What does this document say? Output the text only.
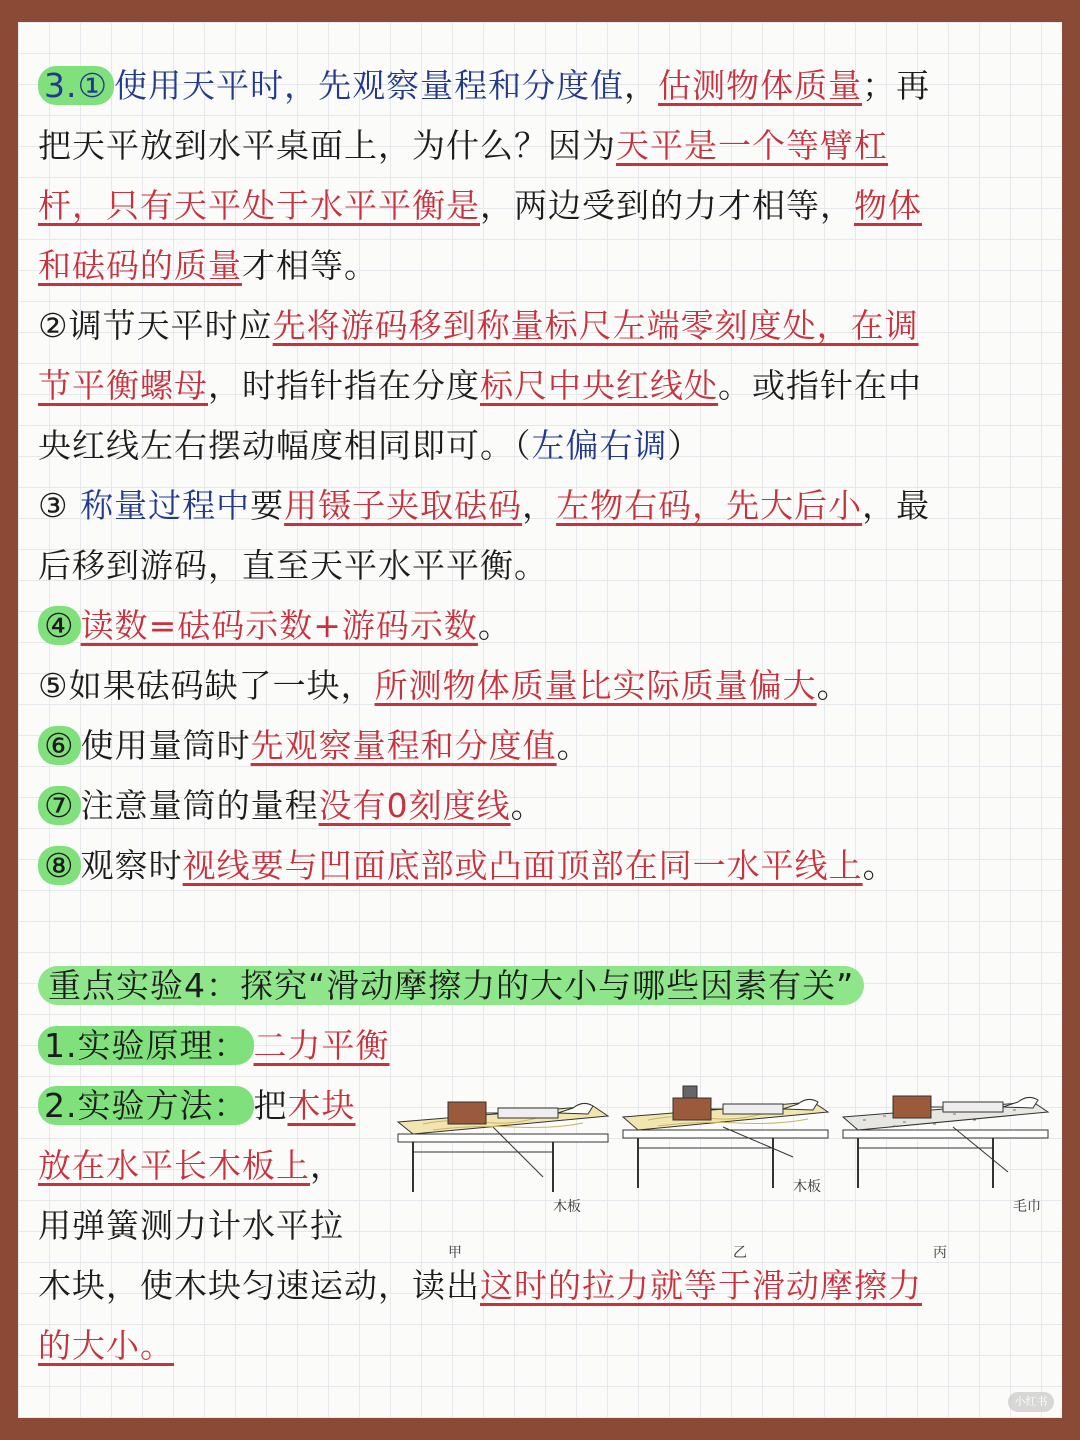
3.① 使用天平时，先观察量程和分度值，估测物体质量；再
把天平放到水平桌面上，为什么？因为天平是一个等臂杠
杆，只有天平处于水平平衡是，两边受到的力才相等，物体
和砝码的质量才相等。
②调节天平时应先将游码移到称量标尺左端零刻度处，在调
节平衡螺母，时指针指在分度标尺中央红线处。或指针在中
央红线左右摆动幅度相同即可。（左偏右调）
③ 称量过程中要用镊子夹取砝码，左物右码，先大后小，最
后移到游码，直至天平水平平衡。
④ 读数=砝码示数+游码示数。
⑤如果砝码缺了一块，所测物体质量比实际质量偏大。
⑥ 使用量筒时先观察量程和分度值。
⑦ 注意量筒的量程没有0刻度线。
⑧ 观察时视线要与凹面底部或凸面顶部在同一水平线上。
重点实验4：探究“滑动摩擦力的大小与哪些因素有关”
1.实验原理： 二力平衡
2.实验方法： 把木块
放在水平长木板上，
用弹簧测力计水平拉
木块，使木块匀速运动，读出这时的拉力就等于滑动摩擦力
的大小。
木板
木板
毛巾
甲	乙	丙
小红书
